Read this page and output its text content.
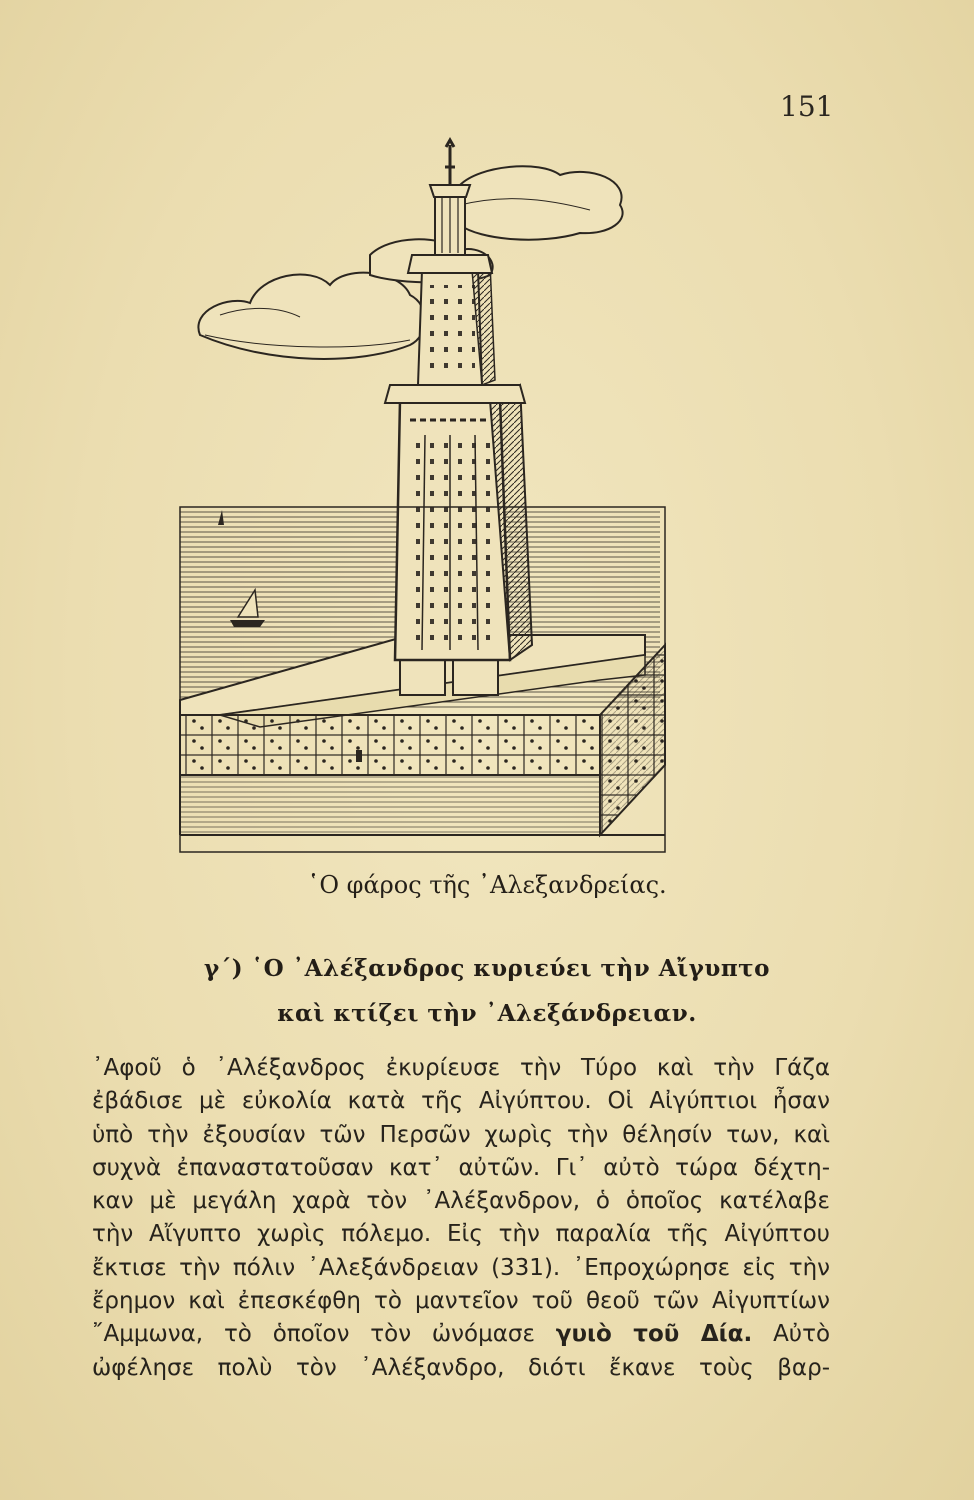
151
῾Ο φάρος τῆς ᾿Αλεξανδρείας.
γ΄) ῾Ο ᾿Αλέξανδρος κυριεύει τὴν Αἴγυπτο
καὶ κτίζει τὴν ᾿Αλεξάνδρειαν.
᾿Αφοῦ ὁ ᾿Αλέξανδρος ἐκυρίευσε τὴν Τύρο καὶ τὴν Γάζα
ἐβάδισε μὲ εὐκολία κατὰ τῆς Αἰγύπτου. Οἱ Αἰγύπτιοι ἦσαν
ὑπὸ τὴν ἐξουσίαν τῶν Περσῶν χωρὶς τὴν θέλησίν των, καὶ
συχνὰ ἐπαναστατοῦσαν κατ᾿ αὐτῶν. Γι᾿ αὐτὸ τώρα δέχτη-
καν μὲ μεγάλη χαρὰ τὸν ᾿Αλέξανδρον, ὁ ὁποῖος κατέλαβε
τὴν Αἴγυπτο χωρὶς πόλεμο. Εἰς τὴν παραλία τῆς Αἰγύπτου
ἔκτισε τὴν πόλιν ᾿Αλεξάνδρειαν (331). ᾿Επροχώρησε εἰς τὴν
ἔρημον καὶ ἐπεσκέφθη τὸ μαντεῖον τοῦ θεοῦ τῶν Αἰγυπτίων
῎Αμμωνα, τὸ ὁποῖον τὸν ὠνόμασε γυιὸ τοῦ Δία. Αὐτὸ
ὠφέλησε πολὺ τὸν ᾿Αλέξανδρο, διότι ἔκανε τοὺς βαρ-
